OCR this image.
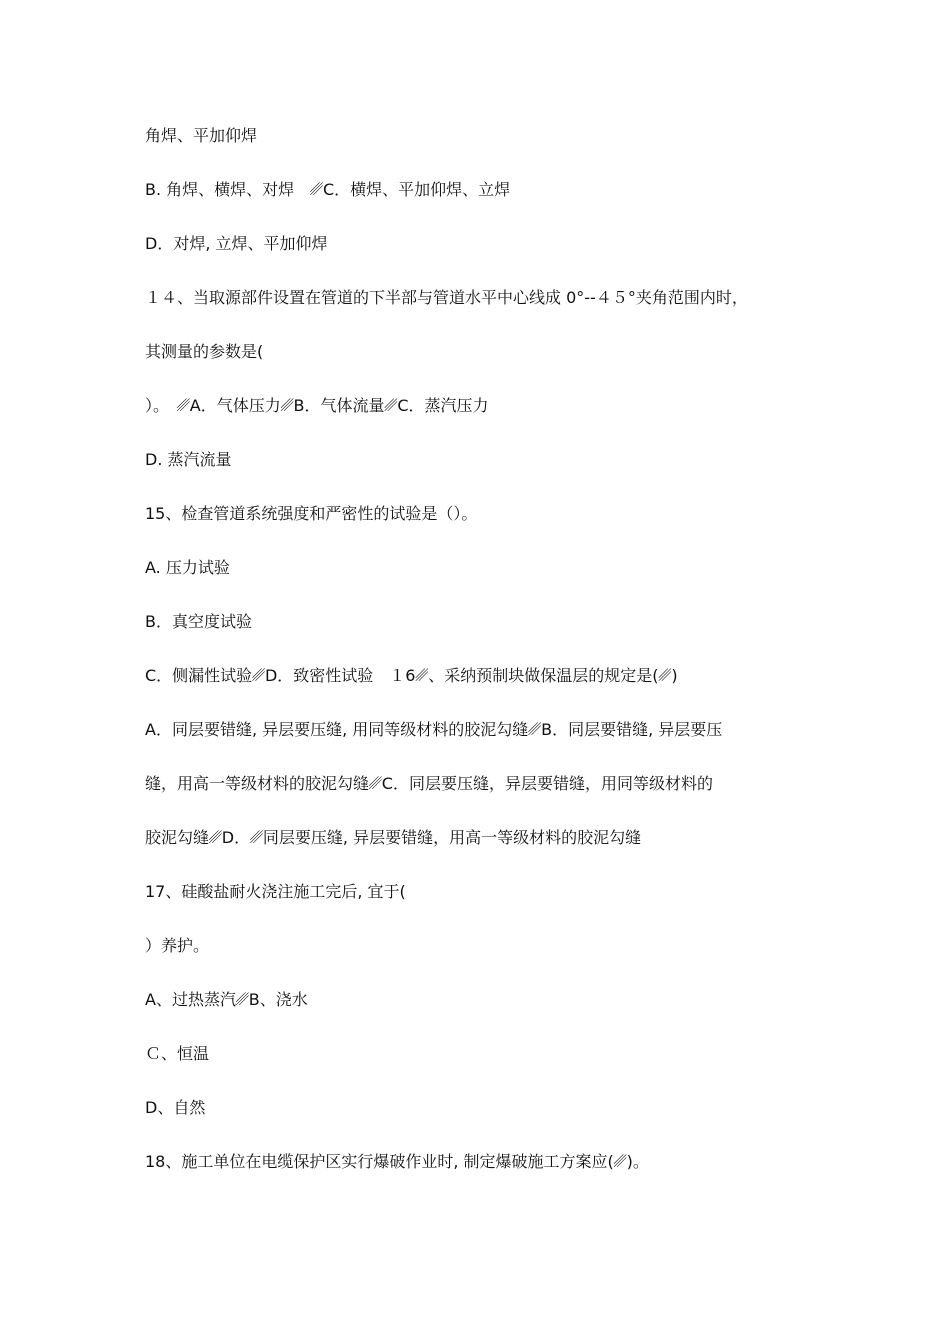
角焊、平加仰焊

B. 角焊、横焊、对焊　␥C．横焊、平加仰焊、立焊

D．对焊, 立焊、平加仰焊

１４、当取源部件设置在管道的下半部与管道水平中心线成 0°--４５°夹角范围内时，

其测量的参数是(

）。　␥A．气体压力␥B．气体流量␥C．蒸汽压力

D. 蒸汽流量

15、检查管道系统强度和严密性的试验是（）。

A. 压力试验

B．真空度试验

C．侧漏性试验␥D．致密性试验　１6␥、采纳预制块做保温层的规定是(␥)

A．同层要错缝, 异层要压缝, 用同等级材料的胶泥勾缝␥B．同层要错缝, 异层要压

缝，用高一等级材料的胶泥勾缝␥C．同层要压缝，异层要错缝，用同等级材料的

胶泥勾缝␥D．␥同层要压缝, 异层要错缝，用高一等级材料的胶泥勾缝

17、硅酸盐耐火浇注施工完后, 宜于(

）养护。

A、过热蒸汽␥B、浇水

Ｃ、恒温

D、自然

18、施工单位在电缆保护区实行爆破作业时, 制定爆破施工方案应(␥)。
